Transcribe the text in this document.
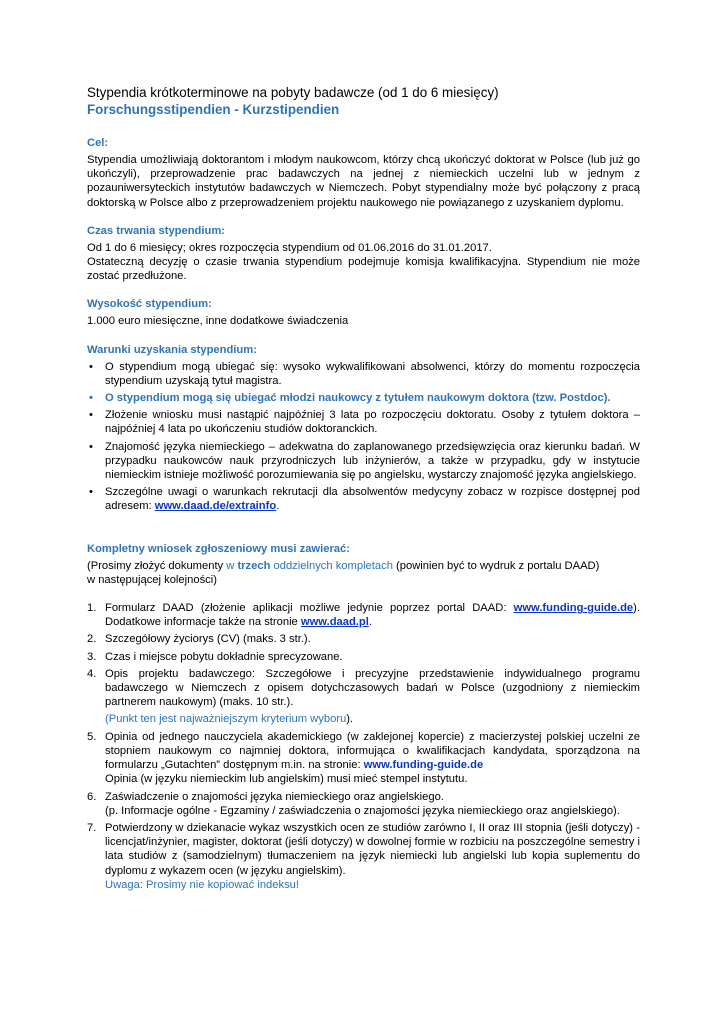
Stypendia krótkoterminowe na pobyty badawcze (od 1 do 6 miesięcy)
Forschungsstipendien - Kurzstipendien
Cel:

Stypendia umożliwiają doktorantom i młodym naukowcom, którzy chcą ukończyć doktorat w Polsce (lub już go ukończyli), przeprowadzenie prac badawczych na jednej z niemieckich uczelni lub w jednym z pozauniwersyteckich instytutów badawczych w Niemczech. Pobyt stypendialny może być połączony z pracą doktorską w Polsce albo z przeprowadzeniem projektu naukowego nie powiązanego z uzyskaniem dyplomu.

Czas trwania stypendium:

Od 1 do 6 miesięcy; okres rozpoczęcia stypendium od 01.06.2016 do 31.01.2017.

Ostateczną decyzję o czasie trwania stypendium podejmuje komisja kwalifikacyjna. Stypendium nie może zostać przedłużone.

Wysokość stypendium:

1.000 euro miesięczne, inne dodatkowe świadczenia

Warunki uzyskania stypendium:
• O stypendium mogą ubiegać się: wysoko wykwalifikowani absolwenci, którzy do momentu rozpoczęcia stypendium uzyskają tytuł magistra.
• O stypendium mogą się ubiegać młodzi naukowcy z tytułem naukowym doktora (tzw. Postdoc).
• Złożenie wniosku musi nastąpić najpóźniej 3 lata po rozpoczęciu doktoratu. Osoby z tytułem doktora – najpóźniej 4 lata po ukończeniu studiów doktoranckich.
• Znajomość języka niemieckiego – adekwatna do zaplanowanego przedsięwzięcia oraz kierunku badań. W przypadku naukowców nauk przyrodniczych lub inżynierów, a także w przypadku, gdy w instytucie niemieckim istnieje możliwość porozumiewania się po angielsku, wystarczy znajomość języka angielskiego.
• Szczególne uwagi o warunkach rekrutacji dla absolwentów medycyny zobacz w rozpisce dostępnej pod adresem: www.daad.de/extrainfo.
Kompletny wniosek zgłoszeniowy musi zawierać:

(Prosimy złożyć dokumenty w trzech oddzielnych kompletach (powinien być to wydruk z portalu DAAD) w następującej kolejności)

1. Formularz DAAD (złożenie aplikacji możliwe jedynie poprzez portal DAAD: www.funding-guide.de). Dodatkowe informacje także na stronie www.daad.pl.
2. Szczegółowy życiorys (CV) (maks. 3 str.).
3. Czas i miejsce pobytu dokładnie sprecyzowane.
4. Opis projektu badawczego: Szczegółowe i precyzyjne przedstawienie indywidualnego programu badawczego w Niemczech z opisem dotychczasowych badań w Polsce (uzgodniony z niemieckim partnerem naukowym) (maks. 10 str.).
(Punkt ten jest najważniejszym kryterium wyboru).
5. Opinia od jednego nauczyciela akademickiego (w zaklejonej kopercie) z macierzystej polskiej uczelni ze stopniem naukowym co najmniej doktora, informująca o kwalifikacjach kandydata, sporządzona na formularzu „Gutachten” dostępnym m.in. na stronie: www.funding-guide.de
Opinia (w języku niemieckim lub angielskim) musi mieć stempel instytutu.
6. Zaświadczenie o znajomości języka niemieckiego oraz angielskiego.
(p. Informacje ogólne - Egzaminy / zaświadczenia o znajomości języka niemieckiego oraz angielskiego).
7. Potwierdzony w dziekanacie wykaz wszystkich ocen ze studiów zarówno I, II oraz III stopnia (jeśli dotyczy) - licencjat/inżynier, magister, doktorat (jeśli dotyczy) w dowolnej formie w rozbiciu na poszczególne semestry i lata studiów z (samodzielnym) tłumaczeniem na język niemiecki lub angielski lub kopia suplementu do dyplomu z wykazem ocen (w języku angielskim).
Uwaga: Prosimy nie kopiować indeksu!
